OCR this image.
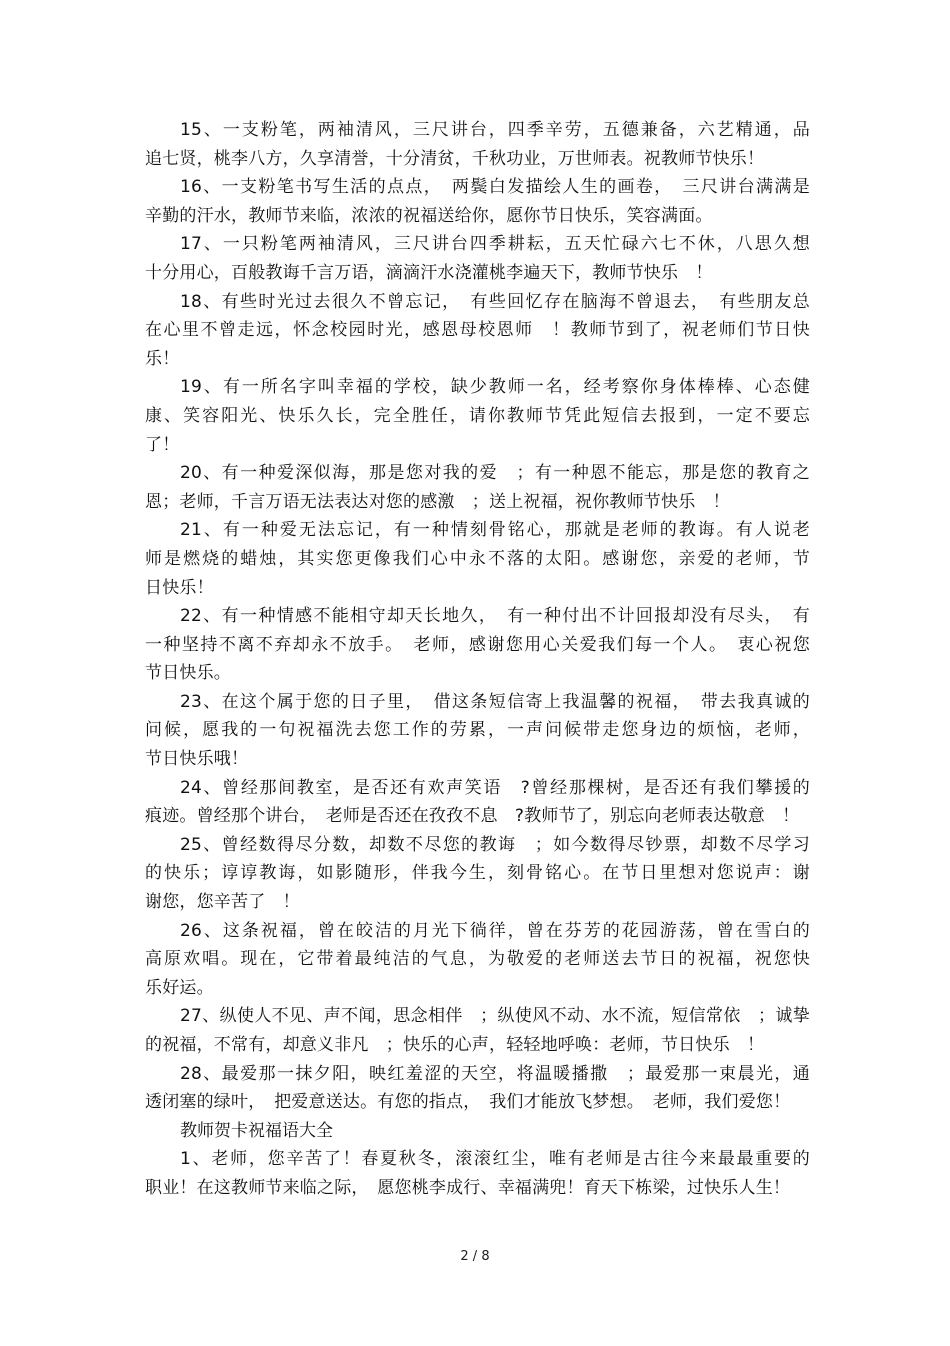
15、一支粉笔，两袖清风，三尺讲台，四季辛劳，五德兼备，六艺精通，品
追七贤，桃李八方，久享清誉，十分清贫，千秋功业，万世师表。祝教师节快乐！
16、一支粉笔书写生活的点点，　两鬓白发描绘人生的画卷，　三尺讲台满满是
辛勤的汗水，教师节来临，浓浓的祝福送给你，愿你节日快乐，笑容满面。
17、一只粉笔两袖清风，三尺讲台四季耕耘，五天忙碌六七不休，八思久想
十分用心，百般教诲千言万语，滴滴汗水浇灌桃李遍天下，教师节快乐　！
18、有些时光过去很久不曾忘记，　有些回忆存在脑海不曾退去，　有些朋友总
在心里不曾走远，怀念校园时光，感恩母校恩师　！教师节到了，祝老师们节日快
乐！
19、有一所名字叫幸福的学校，缺少教师一名，经考察你身体棒棒、心态健
康、笑容阳光、快乐久长，完全胜任，请你教师节凭此短信去报到，一定不要忘
了！
20、有一种爱深似海，那是您对我的爱　；有一种恩不能忘，那是您的教育之
恩；老师，千言万语无法表达对您的感激　；送上祝福，祝你教师节快乐　！
21、有一种爱无法忘记，有一种情刻骨铭心，那就是老师的教诲。有人说老
师是燃烧的蜡烛，其实您更像我们心中永不落的太阳。感谢您，亲爱的老师，节
日快乐！
22、有一种情感不能相守却天长地久，　有一种付出不计回报却没有尽头，　有
一种坚持不离不弃却永不放手。　老师，感谢您用心关爱我们每一个人。　衷心祝您
节日快乐。
23、在这个属于您的日子里，　借这条短信寄上我温馨的祝福，　带去我真诚的
问候，愿我的一句祝福洗去您工作的劳累，一声问候带走您身边的烦恼，老师，
节日快乐哦！
24、曾经那间教室，是否还有欢声笑语　?曾经那棵树，是否还有我们攀援的
痕迹。曾经那个讲台，　老师是否还在孜孜不息　?教师节了，别忘向老师表达敬意　！
25、曾经数得尽分数，却数不尽您的教诲　；如今数得尽钞票，却数不尽学习
的快乐；谆谆教诲，如影随形，伴我今生，刻骨铭心。在节日里想对您说声：谢
谢您，您辛苦了　！
26、这条祝福，曾在皎洁的月光下徜徉，曾在芬芳的花园游荡，曾在雪白的
高原欢唱。现在，它带着最纯洁的气息，为敬爱的老师送去节日的祝福，祝您快
乐好运。
27、纵使人不见、声不闻，思念相伴　；纵使风不动、水不流，短信常依　；诚挚
的祝福，不常有，却意义非凡　；快乐的心声，轻轻地呼唤：老师，节日快乐　！
28、最爱那一抹夕阳，映红羞涩的天空，将温暖播撒　；最爱那一束晨光，通
透闭塞的绿叶，　把爱意送达。有您的指点，　我们才能放飞梦想。　老师，我们爱您！
教师贺卡祝福语大全
1、老师，您辛苦了！春夏秋冬，滚滚红尘，唯有老师是古往今来最最重要的
职业！在这教师节来临之际，　愿您桃李成行、幸福满兜！育天下栋梁，过快乐人生！
2 / 8
